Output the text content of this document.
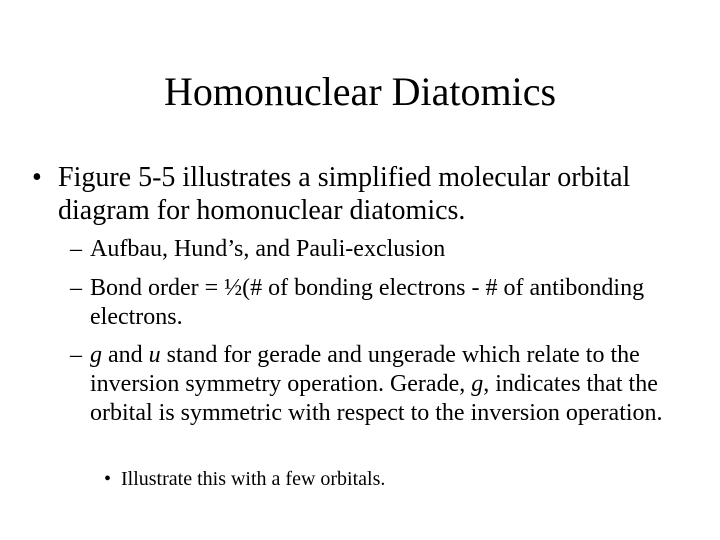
Homonuclear Diatomics
• Figure 5-5 illustrates a simplified molecular orbital diagram for homonuclear diatomics.
– Aufbau, Hund’s, and Pauli-exclusion
– Bond order = ½(# of bonding electrons - # of antibonding electrons.
– g and u stand for gerade and ungerade which relate to the inversion symmetry operation. Gerade, g, indicates that the orbital is symmetric with respect to the inversion operation.
• Illustrate this with a few orbitals.
